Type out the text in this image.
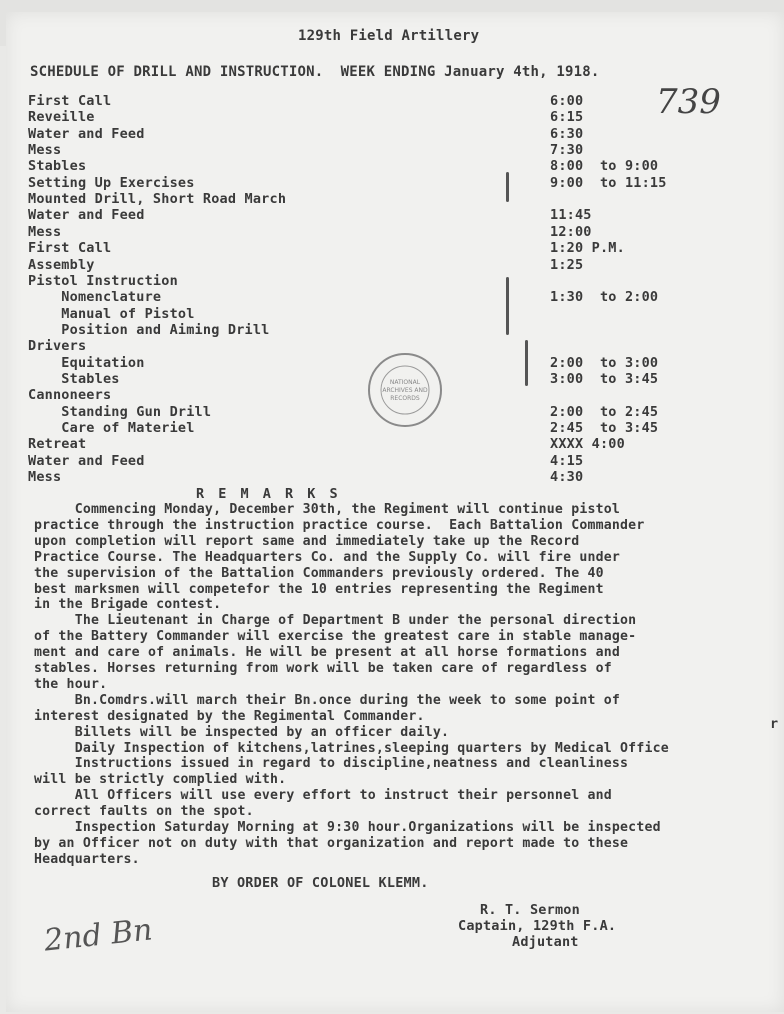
129th Field Artillery
SCHEDULE OF DRILL AND INSTRUCTION.  WEEK ENDING January 4th, 1918.
739
First Call	6:00
Reveille	6:15
Water and Feed	6:30
Mess	7:30
Stables	8:00  to 9:00
Setting Up Exercises	9:00  to 11:15
Mounted Drill, Short Road March
Water and Feed	11:45
Mess	12:00
First Call	1:20 P.M.
Assembly	1:25
Pistol Instruction
Nomenclature	1:30  to 2:00
Manual of Pistol
Position and Aiming Drill
Drivers
Equitation	2:00  to 3:00
Stables	3:00  to 3:45
Cannoneers
Standing Gun Drill	2:00  to 2:45
Care of Materiel	2:45  to 3:45
Retreat	XXXX 4:00
Water and Feed	4:15
Mess	4:30
NATIONAL
ARCHIVES AND
RECORDS
R E M A R K S
Commencing Monday, December 30th, the Regiment will continue pistol
practice through the instruction practice course.  Each Battalion Commander
upon completion will report same and immediately take up the Record
Practice Course. The Headquarters Co. and the Supply Co. will fire under
the supervision of the Battalion Commanders previously ordered. The 40
best marksmen will competefor the 10 entries representing the Regiment
in the Brigade contest.
The Lieutenant in Charge of Department B under the personal direction
of the Battery Commander will exercise the greatest care in stable manage-
ment and care of animals. He will be present at all horse formations and
stables. Horses returning from work will be taken care of regardless of
the hour.
Bn.Comdrs.will march their Bn.once during the week to some point of
interest designated by the Regimental Commander.
Billets will be inspected by an officer daily.
Daily Inspection of kitchens,latrines,sleeping quarters by Medical Office
Instructions issued in regard to discipline,neatness and cleanliness
will be strictly complied with.
All Officers will use every effort to instruct their personnel and
correct faults on the spot.
Inspection Saturday Morning at 9:30 hour.Organizations will be inspected
by an Officer not on duty with that organization and report made to these
Headquarters.
r
BY ORDER OF COLONEL KLEMM.
R. T. Sermon
Captain, 129th F.A.
Adjutant
2nd Bn
